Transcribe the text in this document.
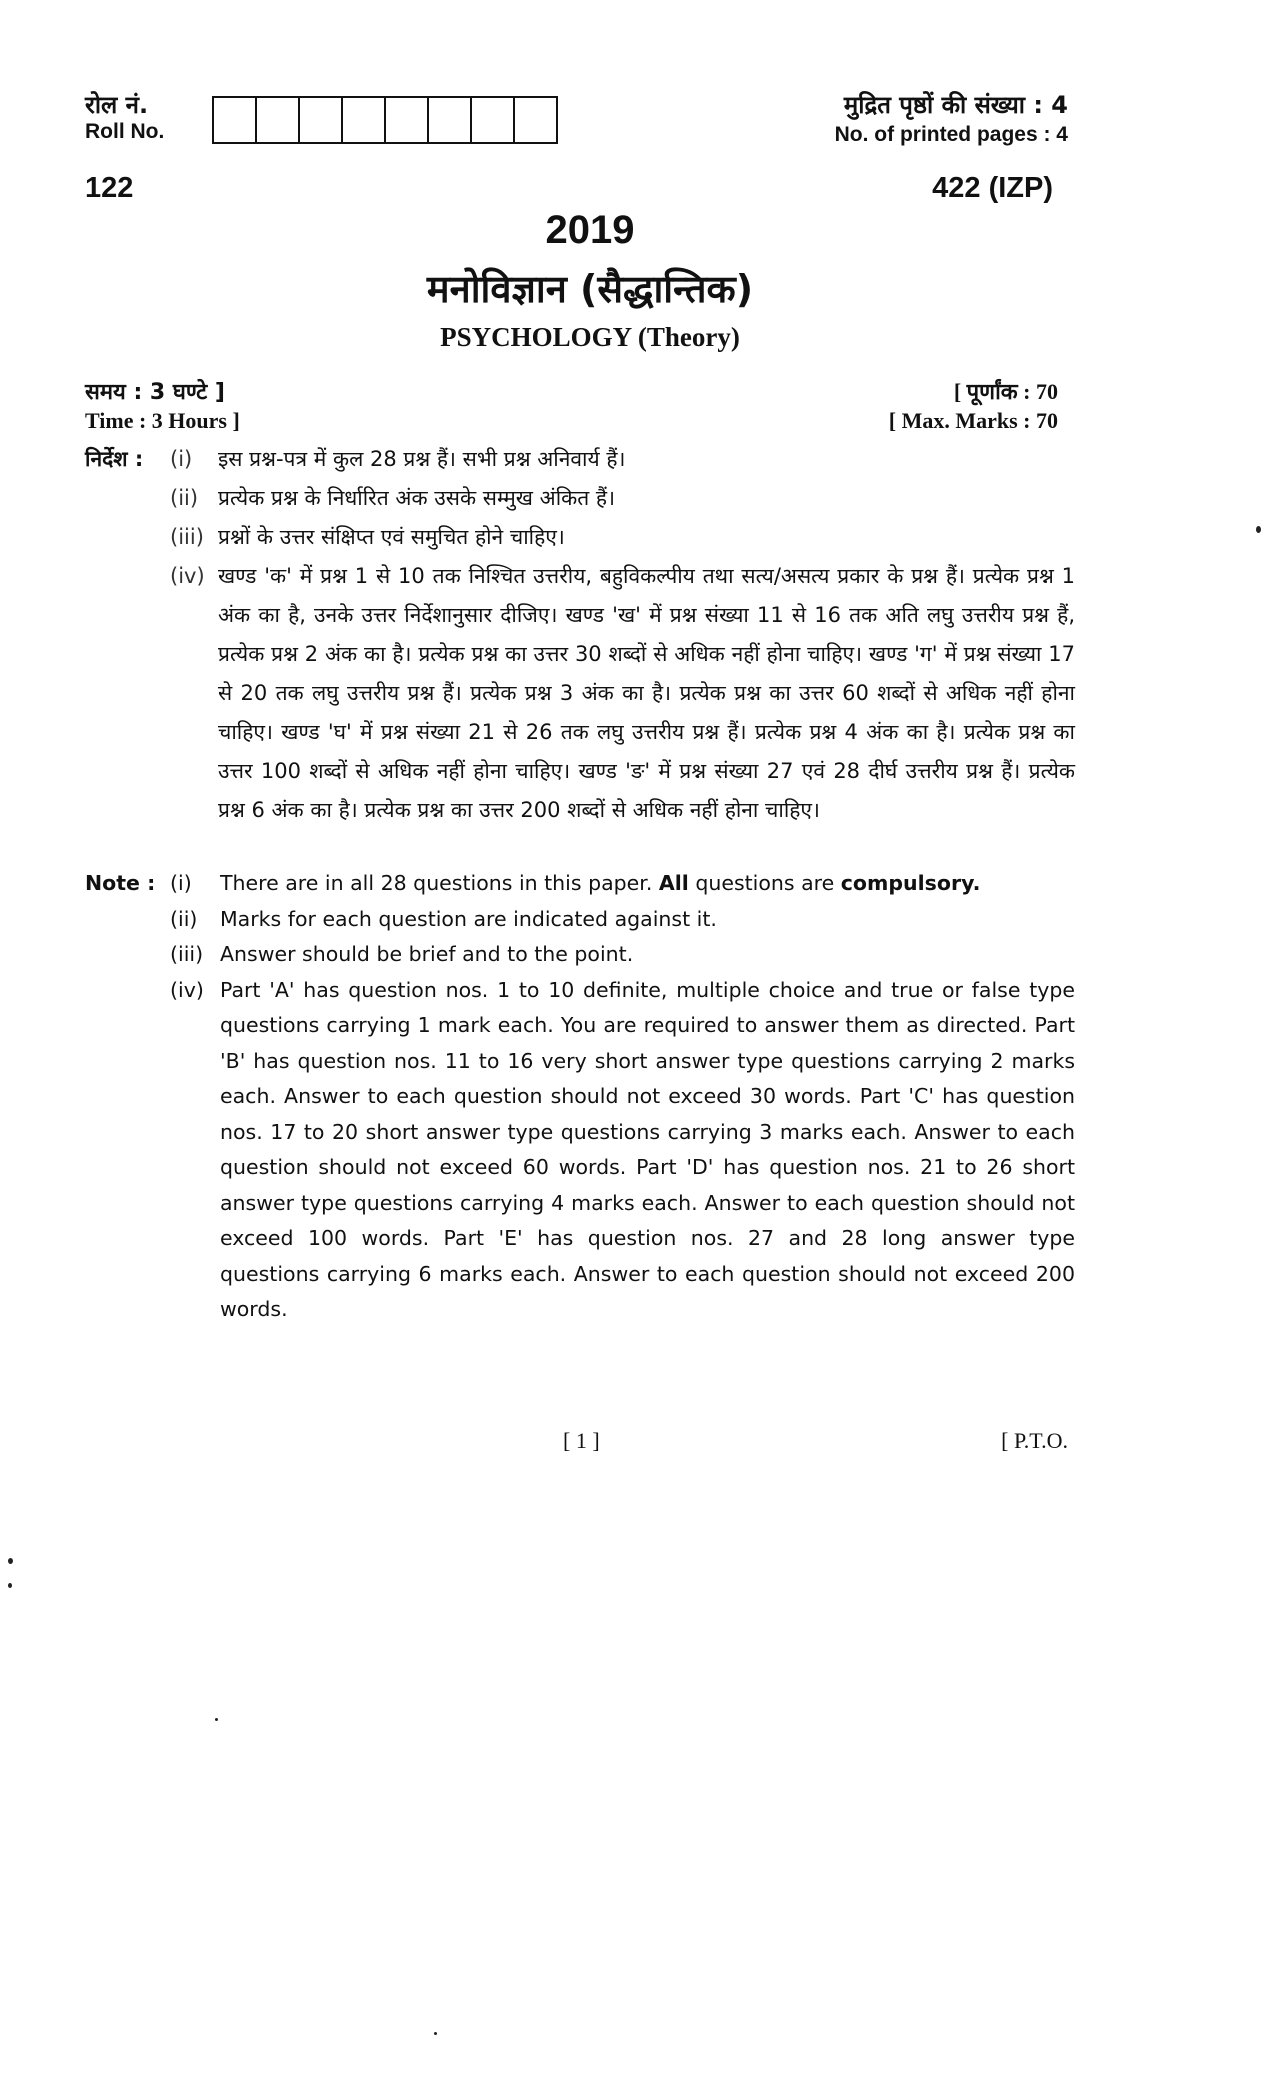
रोल नं.
Roll No.
मुद्रित पृष्ठों की संख्या : 4
No. of printed pages : 4
122	422 (IZP)
2019
मनोविज्ञान (सैद्धान्तिक)
PSYCHOLOGY (Theory)
समय : 3 घण्टे ]
Time : 3 Hours ]
[ पूर्णांक : 70
[ Max. Marks : 70
निर्देश :	(i)	इस प्रश्न-पत्र में कुल 28 प्रश्न हैं। सभी प्रश्न अनिवार्य हैं।
(ii) प्रत्येक प्रश्न के निर्धारित अंक उसके सम्मुख अंकित हैं।
(iii) प्रश्नों के उत्तर संक्षिप्त एवं समुचित होने चाहिए।
(iv) खण्ड 'क' में प्रश्न 1 से 10 तक निश्चित उत्तरीय, बहुविकल्पीय तथा सत्य/असत्य प्रकार के प्रश्न हैं। प्रत्येक प्रश्न 1 अंक का है, उनके उत्तर निर्देशानुसार दीजिए। खण्ड 'ख' में प्रश्न संख्या 11 से 16 तक अति लघु उत्तरीय प्रश्न हैं, प्रत्येक प्रश्न 2 अंक का है। प्रत्येक प्रश्न का उत्तर 30 शब्दों से अधिक नहीं होना चाहिए। खण्ड 'ग' में प्रश्न संख्या 17 से 20 तक लघु उत्तरीय प्रश्न हैं। प्रत्येक प्रश्न 3 अंक का है। प्रत्येक प्रश्न का उत्तर 60 शब्दों से अधिक नहीं होना चाहिए। खण्ड 'घ' में प्रश्न संख्या 21 से 26 तक लघु उत्तरीय प्रश्न हैं। प्रत्येक प्रश्न 4 अंक का है। प्रत्येक प्रश्न का उत्तर 100 शब्दों से अधिक नहीं होना चाहिए। खण्ड 'ङ' में प्रश्न संख्या 27 एवं 28 दीर्घ उत्तरीय प्रश्न हैं। प्रत्येक प्रश्न 6 अंक का है। प्रत्येक प्रश्न का उत्तर 200 शब्दों से अधिक नहीं होना चाहिए।
Note : (i)	There are in all 28 questions in this paper. All questions are compulsory.
(ii)	Marks for each question are indicated against it.
(iii) Answer should be brief and to the point.
(iv) Part 'A' has question nos. 1 to 10 definite, multiple choice and true or false type questions carrying 1 mark each. You are required to answer them as directed. Part 'B' has question nos. 11 to 16 very short answer type questions carrying 2 marks each. Answer to each question should not exceed 30 words. Part 'C' has question nos. 17 to 20 short answer type questions carrying 3 marks each. Answer to each question should not exceed 60 words. Part 'D' has question nos. 21 to 26 short answer type questions carrying 4 marks each. Answer to each question should not exceed 100 words. Part 'E' has question nos. 27 and 28 long answer type questions carrying 6 marks each. Answer to each question should not exceed 200 words.
[ 1 ]	[ P.T.O.
